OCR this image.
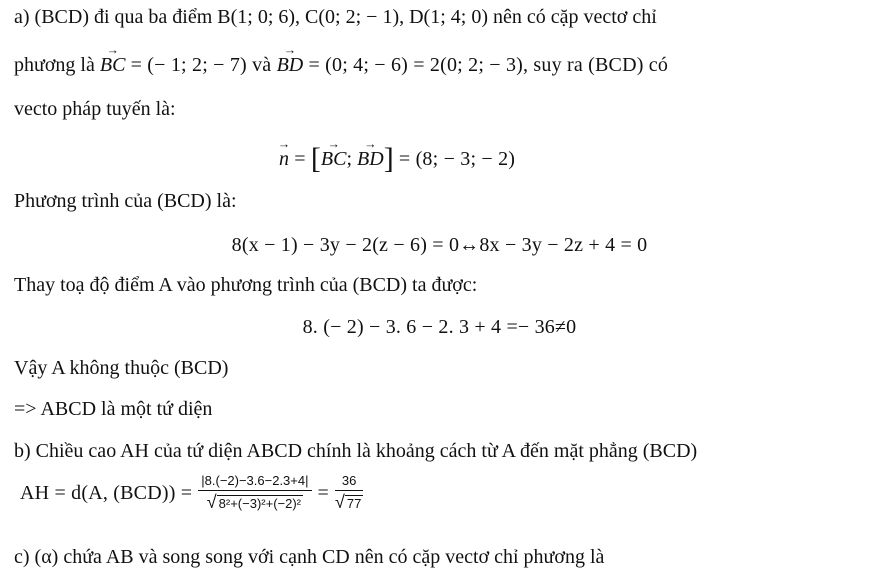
a) (BCD) đi qua ba điểm B(1; 0; 6), C(0; 2; − 1), D(1; 4; 0) nên có cặp vectơ chỉ
phương là → BC = (− 1; 2; − 7) và → BD = (0; 4; − 6) = 2(0; 2; − 3), suy ra (BCD) có
vecto pháp tuyến là:
→ n = [→ BC; → BD] = (8; − 3; − 2)
Phương trình của (BCD) là:
8(x − 1) − 3y − 2(z − 6) = 0↔8x − 3y − 2z + 4 = 0
Thay toạ độ điểm A vào phương trình của (BCD) ta được:
8. (− 2) − 3. 6 − 2. 3 + 4 =− 36≠0
Vậy A không thuộc (BCD)
=> ABCD là một tứ diện
b) Chiều cao AH của tứ diện ABCD chính là khoảng cách từ A đến mặt phẳng (BCD)
AH = d(A, $(BCD)) = \frac{|8.(-2)-3.6-2.3+4|}{\text{√ 8²+(−3)²+(−2)²}} = \frac{36}{√ 77}$
c) (α) chứa AB và song song với cạnh CD nên có cặp vectơ chỉ phương là
